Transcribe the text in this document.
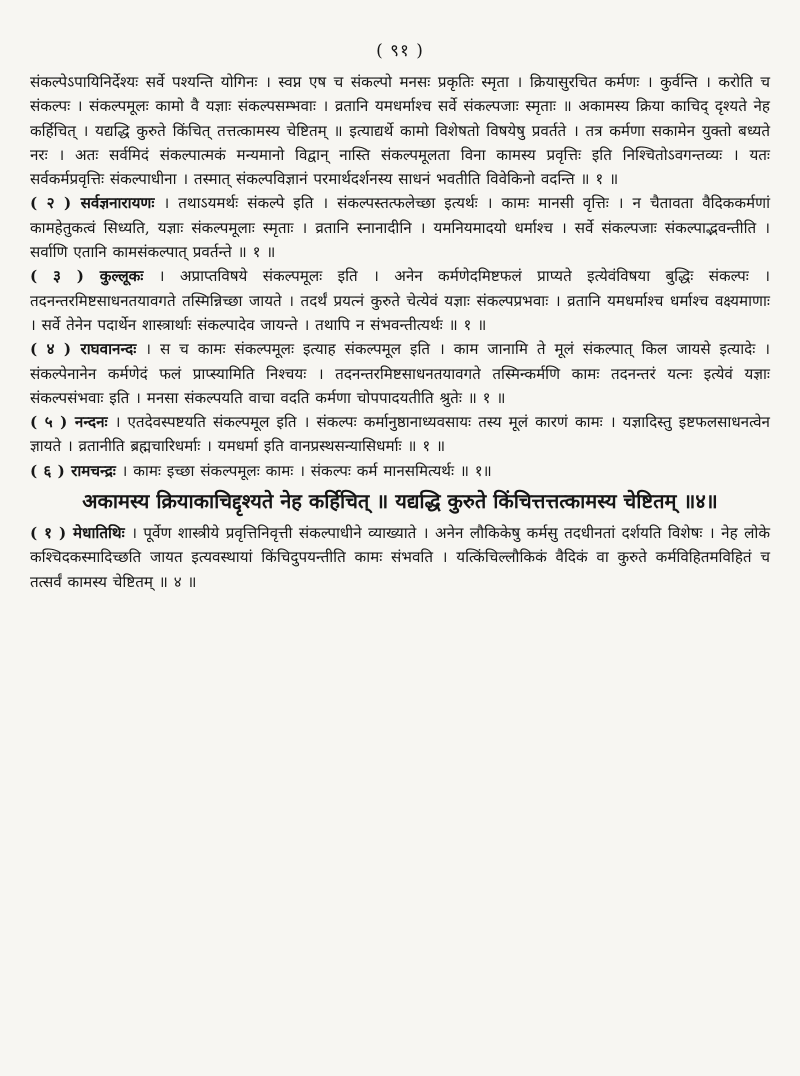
( ९१ )

संकल्पेऽपायिनिर्देश्यः सर्वे पश्यन्ति योगिनः । स्वप्न एष च संकल्पो मनसः प्रकृतिः स्मृता । क्रियासुरचित कर्मणः । कुर्वन्ति । करोति च संकल्पः । संकल्पमूलः कामो वै यज्ञाः संकल्पसम्भवाः । व्रतानि यमधर्माश्च सर्वे संकल्पजाः स्मृताः ॥ अकामस्य क्रिया काचिद् दृश्यते नेह कर्हिचित् । यद्यद्धि कुरुते किंचित् तत्तत्कामस्य चेष्टितम् ॥ इत्याद्यर्थे कामो विशेषतो विषयेषु प्रवर्तते । तत्र कर्मणा सकामेन युक्तो बध्यते नरः । अतः सर्वमिदं संकल्पात्मकं मन्यमानो विद्वान् नास्ति संकल्पमूलता विना कामस्य प्रवृत्तिः इति निश्चितोऽवगन्तव्यः । यतः सर्वकर्मप्रवृत्तिः संकल्पाधीना । तस्मात् संकल्पविज्ञानं परमार्थदर्शनस्य साधनं भवतीति विवेकिनो वदन्ति ॥ १ ॥

( २ ) सर्वज्ञनारायणः । तथाऽयमर्थः संकल्पे इति । संकल्पस्तत्फलेच्छा इत्यर्थः । कामः मानसी वृत्तिः । न चैतावता वैदिककर्मणां कामहेतुकत्वं सिध्यति, यज्ञाः संकल्पमूलाः स्मृताः । व्रतानि स्नानादीनि । यमनियमादयो धर्माश्च । सर्वे संकल्पजाः संकल्पाद्भवन्तीति । सर्वाणि एतानि कामसंकल्पात् प्रवर्तन्ते ॥ १ ॥

( ३ ) कुल्लूकः । अप्राप्तविषये संकल्पमूलः इति । अनेन कर्मणेदमिष्टफलं प्राप्यते इत्येवंविषया बुद्धिः संकल्पः । तदनन्तरमिष्टसाधनतयावगते तस्मिन्निच्छा जायते । तदर्थं प्रयत्नं कुरुते चेत्येवं यज्ञाः संकल्पप्रभवाः । व्रतानि यमधर्माश्च धर्माश्च वक्ष्यमाणाः । सर्वे तेनेन पदार्थेन शास्त्रार्थाः संकल्पादेव जायन्ते । तथापि न संभवन्तीत्यर्थः ॥ १ ॥

( ४ ) राघवानन्दः । स च कामः संकल्पमूलः इत्याह संकल्पमूल इति । काम जानामि ते मूलं संकल्पात् किल जायसे इत्यादेः । संकल्पेनानेन कर्मणेदं फलं प्राप्स्यामिति निश्चयः । तदनन्तरमिष्टसाधनतयावगते तस्मिन्कर्मणि कामः तदनन्तरं यत्नः इत्येवं यज्ञाः संकल्पसंभवाः इति । मनसा संकल्पयति वाचा वदति कर्मणा चोपपादयतीति श्रुतेः ॥ १ ॥

( ५ ) नन्दनः । एतदेवस्पष्टयति संकल्पमूल इति । संकल्पः कर्मानुष्ठानाध्यवसायः तस्य मूलं कारणं कामः । यज्ञादिस्तु इष्टफलसाधनत्वेन ज्ञायते । व्रतानीति ब्रह्मचारिधर्माः । यमधर्मा इति वानप्रस्थसन्यासिधर्माः ॥ १ ॥

( ६ ) रामचन्द्रः । कामः इच्छा संकल्पमूलः कामः । संकल्पः कर्म मानसमित्यर्थः ॥ १॥

अकामस्य क्रियाकाचिद्दृश्यते नेह कर्हिचित् ॥ यद्यद्धि कुरुते किंचित्तत्तत्कामस्य चेष्टितम् ॥४॥

( १ ) मेधातिथिः । पूर्वेण शास्त्रीये प्रवृत्तिनिवृत्ती संकल्पाधीने व्याख्याते । अनेन लौकिकेषु कर्मसु तदधीनतां दर्शयति विशेषः । नेह लोके कश्चिदकस्मादिच्छति जायत इत्यवस्थायां किंचिदुपयन्तीति कामः संभवति । यत्किंचिल्लौकिकं वैदिकं वा कुरुते कर्मविहितमविहितं च तत्सर्वं कामस्य चेष्टितम् ॥ ४ ॥
